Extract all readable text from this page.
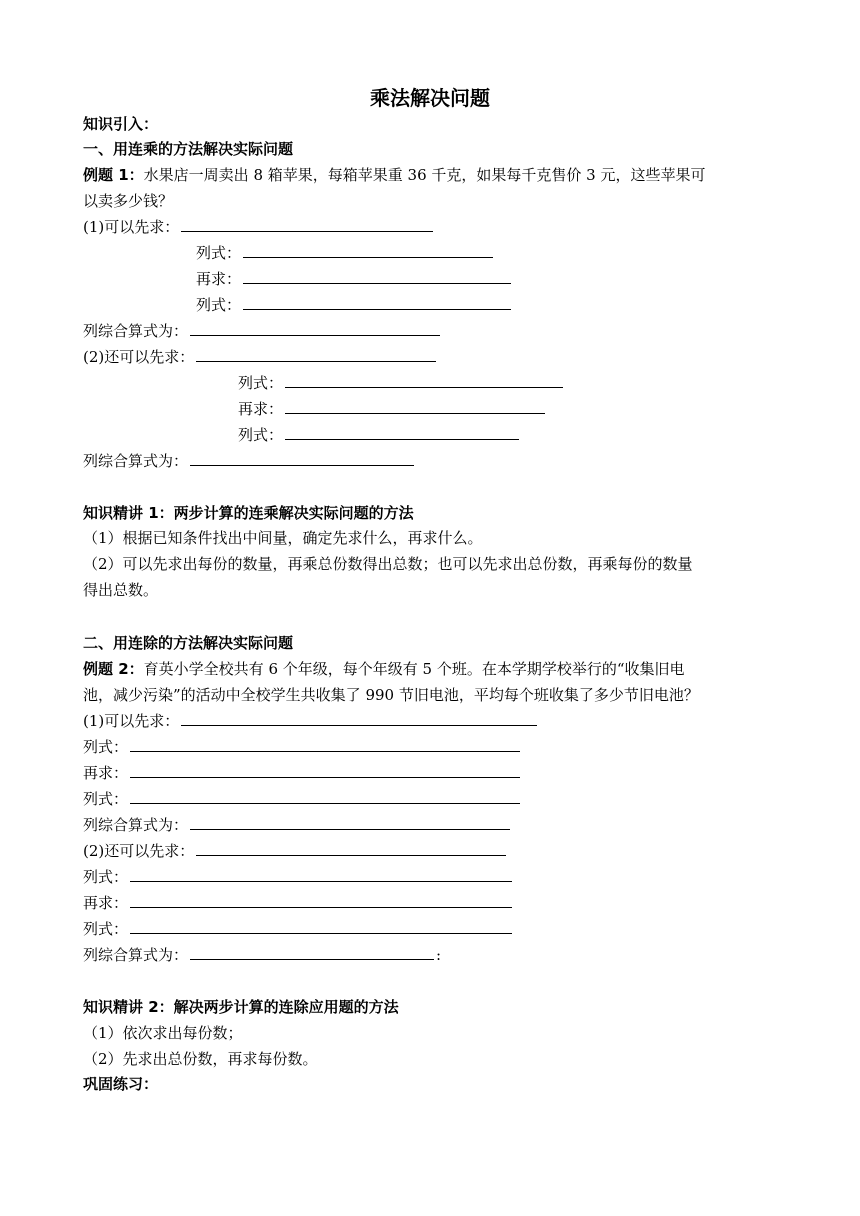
乘法解决问题
知识引入：
一、用连乘的方法解决实际问题
例题 1：水果店一周卖出 8 箱苹果，每箱苹果重 36 千克，如果每千克售价 3 元，这些苹果可
以卖多少钱？
(1)可以先求：
列式：
再求：
列式：
列综合算式为：
(2)还可以先求：
列式：
再求：
列式：
列综合算式为：
知识精讲 1：两步计算的连乘解决实际问题的方法
（1）根据已知条件找出中间量，确定先求什么，再求什么。
（2）可以先求出每份的数量，再乘总份数得出总数；也可以先求出总份数，再乘每份的数量
得出总数。
二、用连除的方法解决实际问题
例题 2：育英小学全校共有 6 个年级，每个年级有 5 个班。在本学期学校举行的“收集旧电
池，减少污染”的活动中全校学生共收集了 990 节旧电池，平均每个班收集了多少节旧电池？
(1)可以先求：
列式：
再求：
列式：
列综合算式为：
(2)还可以先求：
列式：
再求：
列式：
列综合算式为：	:
知识精讲 2：解决两步计算的连除应用题的方法
（1）依次求出每份数；
（2）先求出总份数，再求每份数。
巩固练习：
